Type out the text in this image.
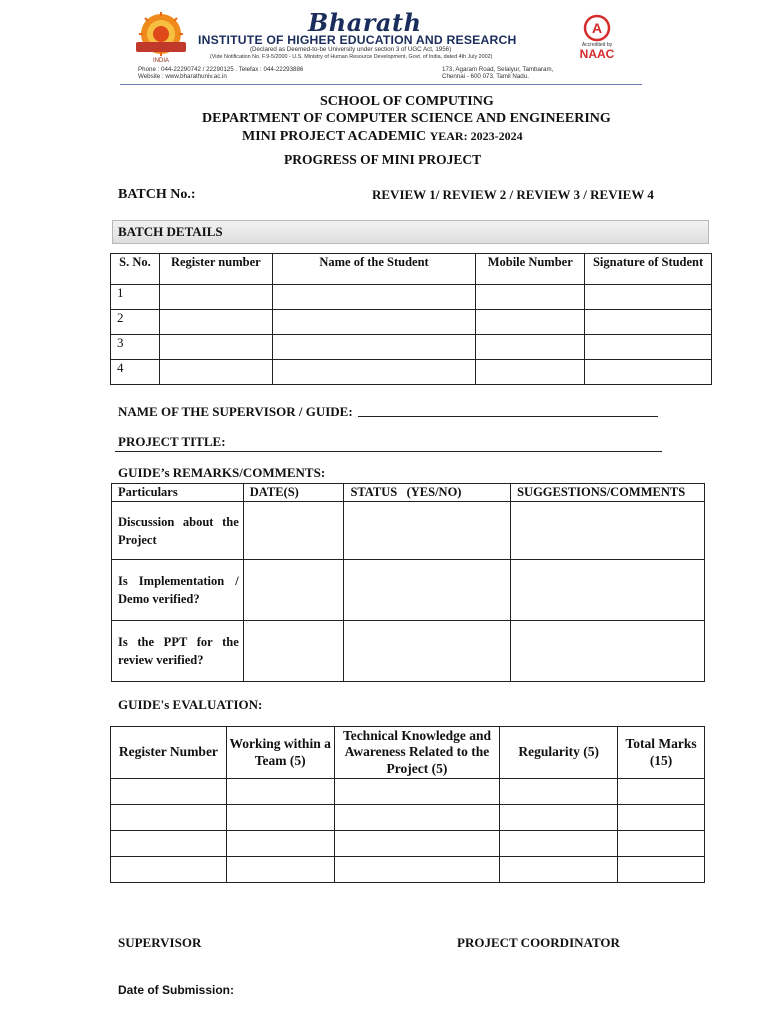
INDIA
Bharath
INSTITUTE OF HIGHER EDUCATION AND RESEARCH
(Declared as Deemed-to-be University under section 3 of UGC Act, 1956)
(Vide Notification No. F.9-5/2000 - U.S. Ministry of Human Resource Development, Govt. of India, dated 4th July 2002)
Phone : 044-22290742 / 22290125 . Telefax : 044-22293886
Website : www.bharathuniv.ac.in
173, Agaram Road, Selaiyur, Tambaram,
Chennai - 600 073. Tamil Nadu.
A
Accredited by
NAAC
SCHOOL OF COMPUTING
DEPARTMENT OF COMPUTER SCIENCE AND ENGINEERING
MINI PROJECT ACADEMIC YEAR: 2023-2024
PROGRESS OF MINI PROJECT
BATCH No.:	REVIEW 1/ REVIEW 2 / REVIEW 3 / REVIEW 4
BATCH DETAILS
S. No.	Register number	Name of the Student	Mobile Number	Signature of Student
1				
2				
3				
4				
NAME OF THE SUPERVISOR / GUIDE:
PROJECT TITLE:
GUIDE’s REMARKS/COMMENTS:
Particulars	DATE(S)	STATUS   (YES/NO)	SUGGESTIONS/COMMENTS
Discussion about the Project			
Is Implementation / Demo verified?			
Is the PPT for the review verified?			
GUIDE's EVALUATION:
Register Number	Working within a Team (5)	Technical Knowledge and Awareness Related to the Project (5)	Regularity (5)	Total Marks (15)

SUPERVISOR	PROJECT COORDINATOR
Date of Submission:
